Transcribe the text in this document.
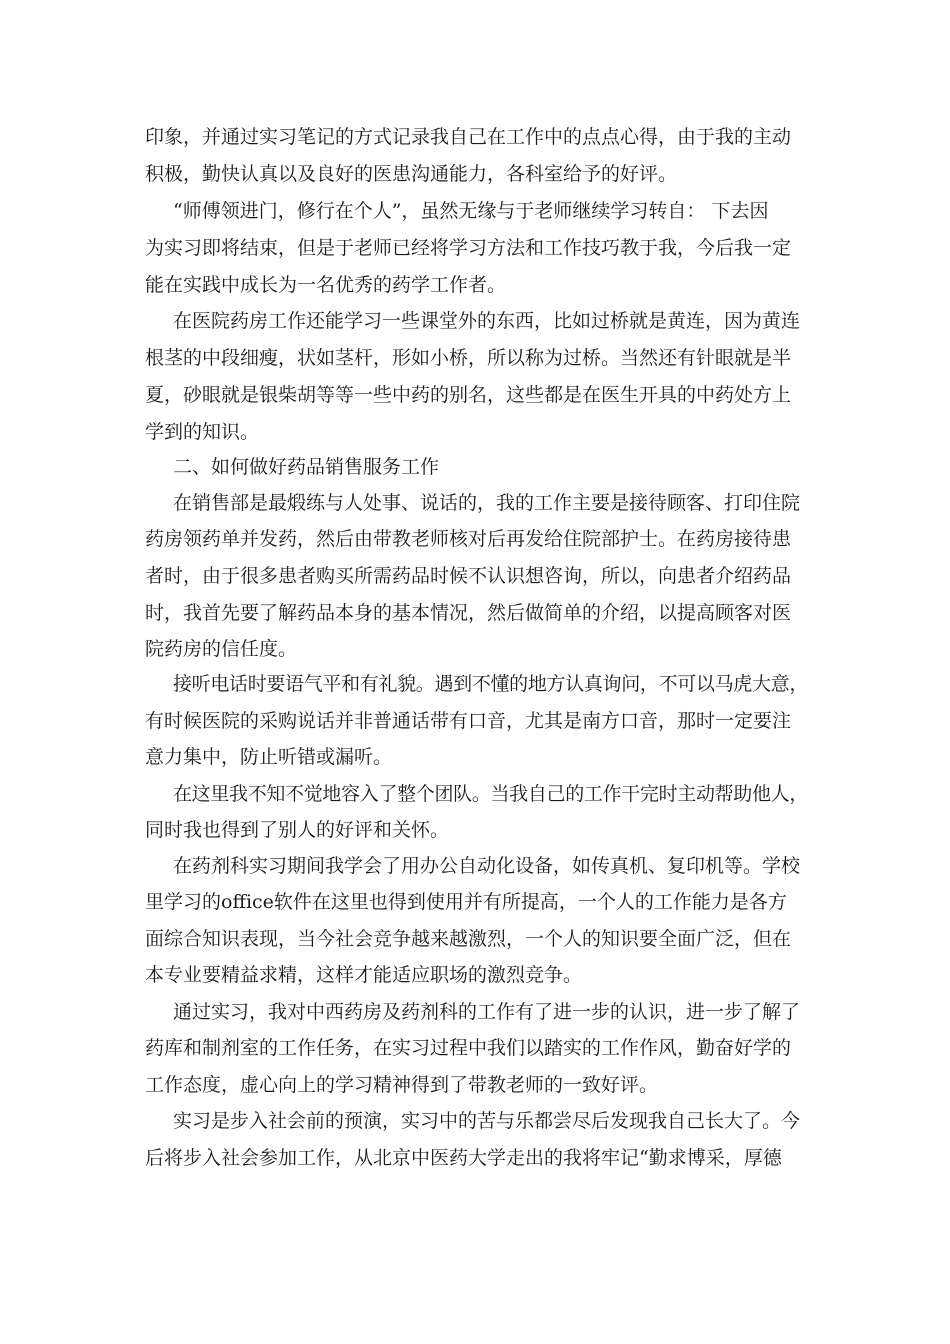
印象，并通过实习笔记的方式记录我自己在工作中的点点心得，由于我的主动
积极，勤快认真以及良好的医患沟通能力，各科室给予的好评。
“师傅领进门，修行在个人”，虽然无缘与于老师继续学习转自： 下去因
为实习即将结束，但是于老师已经将学习方法和工作技巧教于我，今后我一定
能在实践中成长为一名优秀的药学工作者。
在医院药房工作还能学习一些课堂外的东西，比如过桥就是黄连，因为黄连
根茎的中段细瘦，状如茎杆，形如小桥，所以称为过桥。当然还有针眼就是半
夏，砂眼就是银柴胡等等一些中药的别名，这些都是在医生开具的中药处方上
学到的知识。
二、如何做好药品销售服务工作
在销售部是最煅练与人处事、说话的，我的工作主要是接待顾客、打印住院
药房领药单并发药，然后由带教老师核对后再发给住院部护士。在药房接待患
者时，由于很多患者购买所需药品时候不认识想咨询，所以，向患者介绍药品
时，我首先要了解药品本身的基本情况，然后做简单的介绍，以提高顾客对医
院药房的信任度。
接听电话时要语气平和有礼貌。遇到不懂的地方认真询问，不可以马虎大意，
有时候医院的采购说话并非普通话带有口音，尤其是南方口音，那时一定要注
意力集中，防止听错或漏听。
在这里我不知不觉地容入了整个团队。当我自己的工作干完时主动帮助他人，
同时我也得到了别人的好评和关怀。
在药剂科实习期间我学会了用办公自动化设备，如传真机、复印机等。学校
里学习的office软件在这里也得到使用并有所提高，一个人的工作能力是各方
面综合知识表现，当今社会竞争越来越激烈，一个人的知识要全面广泛，但在
本专业要精益求精，这样才能适应职场的激烈竞争。
通过实习，我对中西药房及药剂科的工作有了进一步的认识，进一步了解了
药库和制剂室的工作任务，在实习过程中我们以踏实的工作作风，勤奋好学的
工作态度，虚心向上的学习精神得到了带教老师的一致好评。
实习是步入社会前的预演，实习中的苦与乐都尝尽后发现我自己长大了。今
后将步入社会参加工作，从北京中医药大学走出的我将牢记“勤求博采，厚德
